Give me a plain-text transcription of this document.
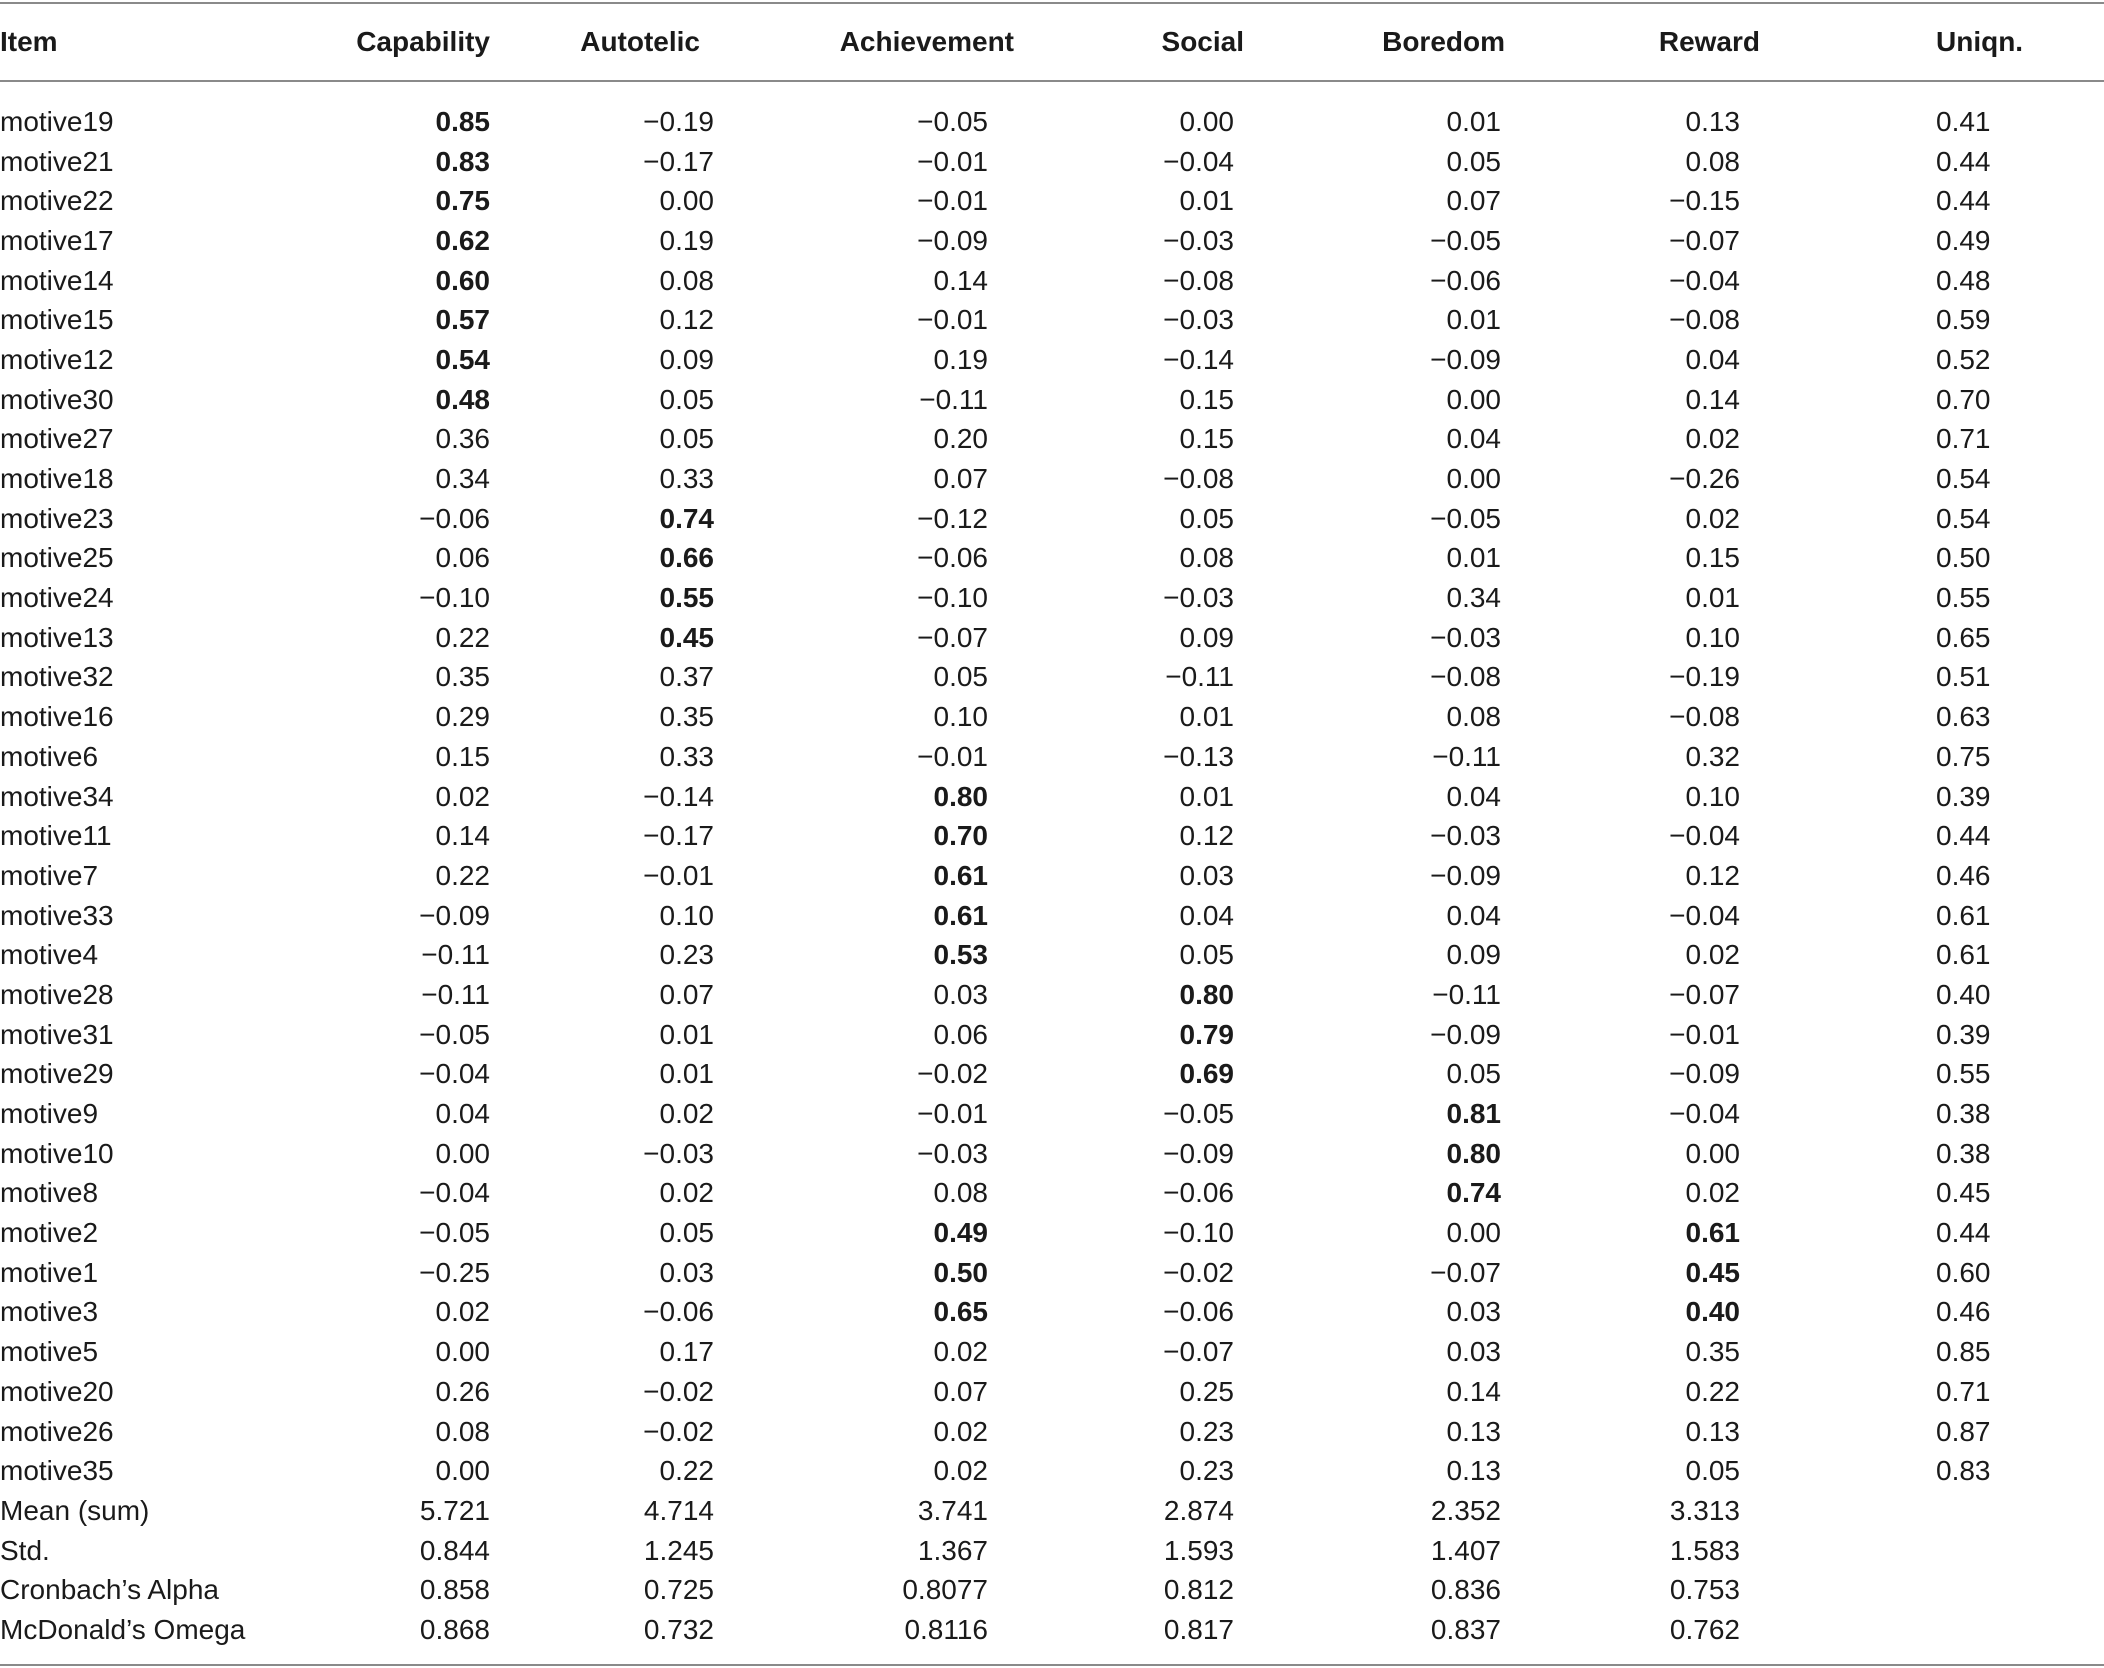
Item	Capability	Autotelic	Achievement	Social	Boredom	Reward	Uniqn.
motive19	0.85	−0.19	−0.05	0.00	0.01	0.13	0.41
motive21	0.83	−0.17	−0.01	−0.04	0.05	0.08	0.44
motive22	0.75	0.00	−0.01	0.01	0.07	−0.15	0.44
motive17	0.62	0.19	−0.09	−0.03	−0.05	−0.07	0.49
motive14	0.60	0.08	0.14	−0.08	−0.06	−0.04	0.48
motive15	0.57	0.12	−0.01	−0.03	0.01	−0.08	0.59
motive12	0.54	0.09	0.19	−0.14	−0.09	0.04	0.52
motive30	0.48	0.05	−0.11	0.15	0.00	0.14	0.70
motive27	0.36	0.05	0.20	0.15	0.04	0.02	0.71
motive18	0.34	0.33	0.07	−0.08	0.00	−0.26	0.54
motive23	−0.06	0.74	−0.12	0.05	−0.05	0.02	0.54
motive25	0.06	0.66	−0.06	0.08	0.01	0.15	0.50
motive24	−0.10	0.55	−0.10	−0.03	0.34	0.01	0.55
motive13	0.22	0.45	−0.07	0.09	−0.03	0.10	0.65
motive32	0.35	0.37	0.05	−0.11	−0.08	−0.19	0.51
motive16	0.29	0.35	0.10	0.01	0.08	−0.08	0.63
motive6	0.15	0.33	−0.01	−0.13	−0.11	0.32	0.75
motive34	0.02	−0.14	0.80	0.01	0.04	0.10	0.39
motive11	0.14	−0.17	0.70	0.12	−0.03	−0.04	0.44
motive7	0.22	−0.01	0.61	0.03	−0.09	0.12	0.46
motive33	−0.09	0.10	0.61	0.04	0.04	−0.04	0.61
motive4	−0.11	0.23	0.53	0.05	0.09	0.02	0.61
motive28	−0.11	0.07	0.03	0.80	−0.11	−0.07	0.40
motive31	−0.05	0.01	0.06	0.79	−0.09	−0.01	0.39
motive29	−0.04	0.01	−0.02	0.69	0.05	−0.09	0.55
motive9	0.04	0.02	−0.01	−0.05	0.81	−0.04	0.38
motive10	0.00	−0.03	−0.03	−0.09	0.80	0.00	0.38
motive8	−0.04	0.02	0.08	−0.06	0.74	0.02	0.45
motive2	−0.05	0.05	0.49	−0.10	0.00	0.61	0.44
motive1	−0.25	0.03	0.50	−0.02	−0.07	0.45	0.60
motive3	0.02	−0.06	0.65	−0.06	0.03	0.40	0.46
motive5	0.00	0.17	0.02	−0.07	0.03	0.35	0.85
motive20	0.26	−0.02	0.07	0.25	0.14	0.22	0.71
motive26	0.08	−0.02	0.02	0.23	0.13	0.13	0.87
motive35	0.00	0.22	0.02	0.23	0.13	0.05	0.83
Mean (sum)	5.721	4.714	3.741	2.874	2.352	3.313	
Std.	0.844	1.245	1.367	1.593	1.407	1.583	
Cronbach’s Alpha	0.858	0.725	0.8077	0.812	0.836	0.753	
McDonald’s Omega	0.868	0.732	0.8116	0.817	0.837	0.762	
